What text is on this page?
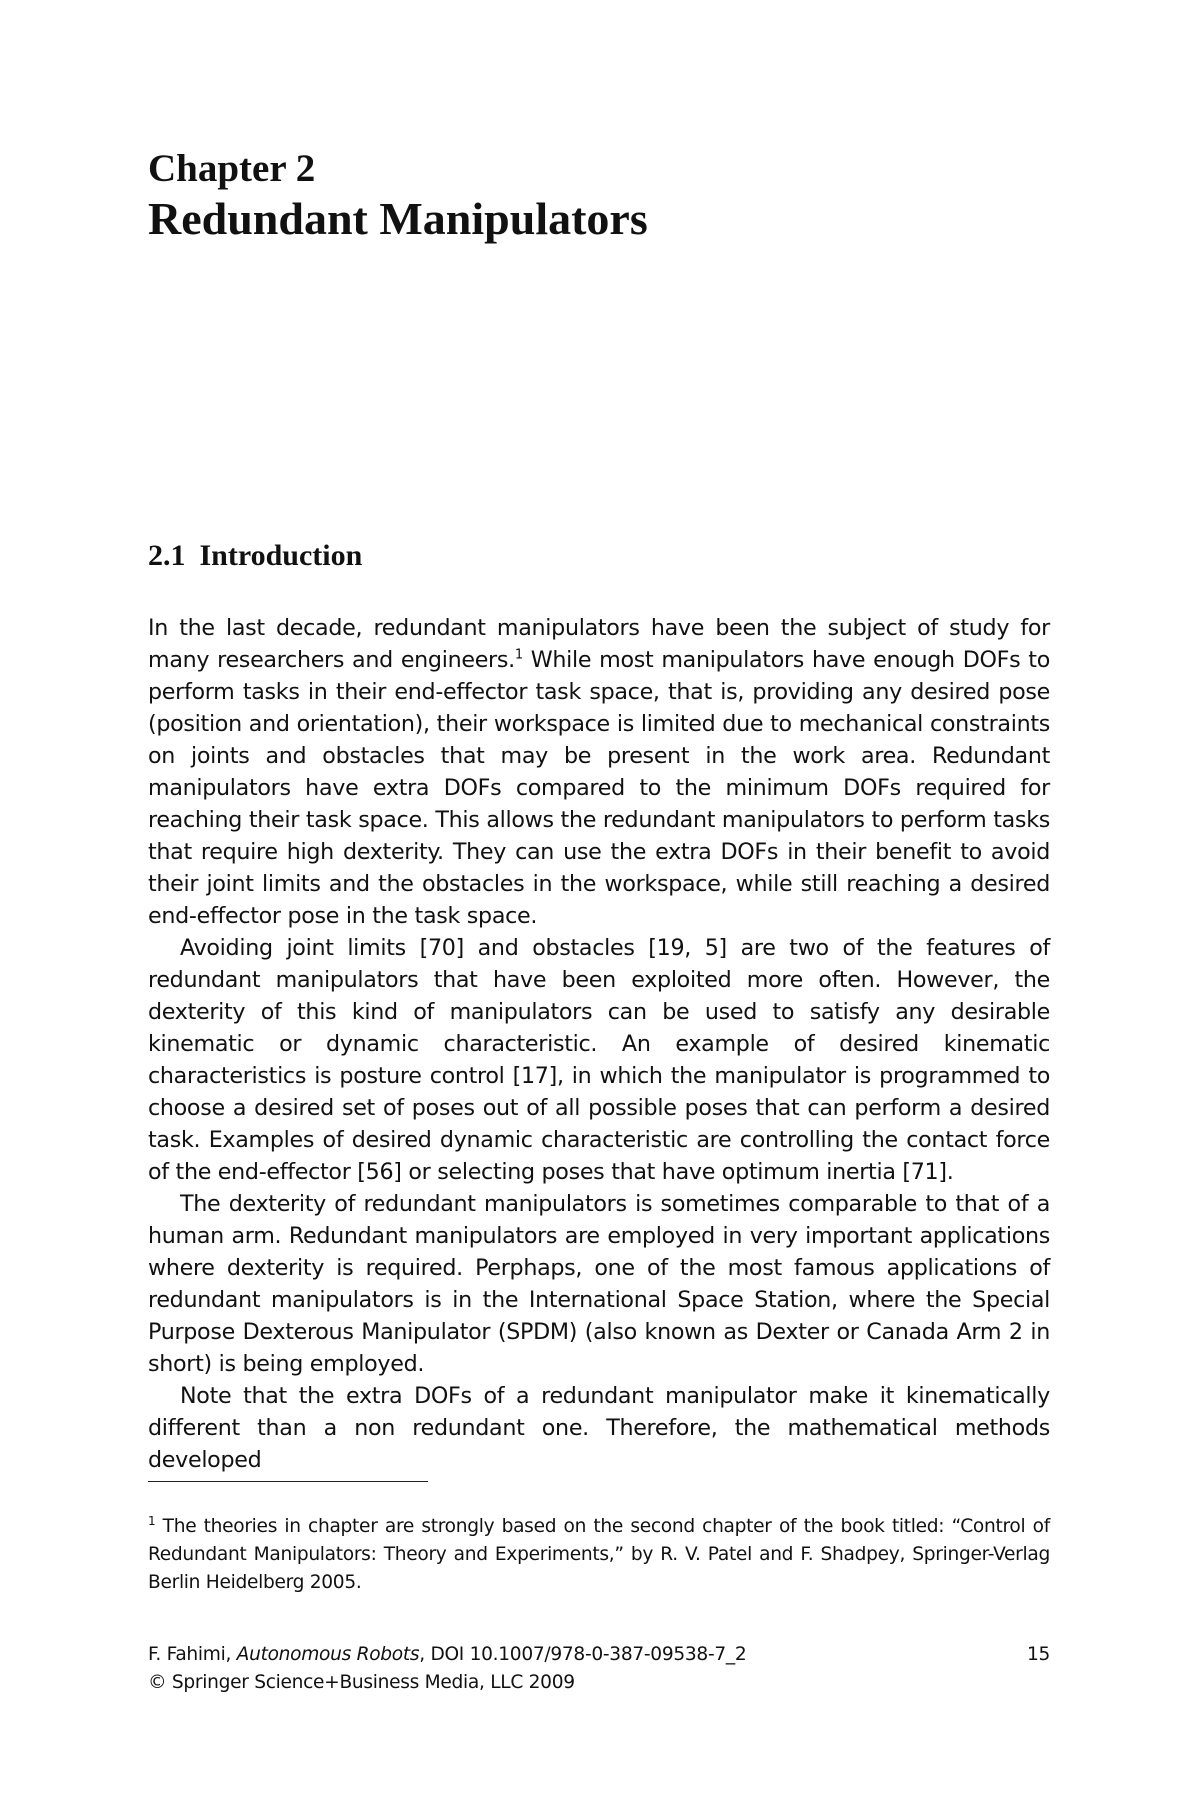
Chapter 2
Redundant Manipulators
2.1 Introduction

In the last decade, redundant manipulators have been the subject of study for many researchers and engineers.$^1$ While most manipulators have enough DOFs to perform tasks in their end-effector task space, that is, providing any desired pose (position and orientation), their workspace is limited due to mechanical constraints on joints and obstacles that may be present in the work area. Redundant manipulators have extra DOFs compared to the minimum DOFs required for reaching their task space. This allows the redundant manipulators to perform tasks that require high dexterity. They can use the extra DOFs in their benefit to avoid their joint limits and the obstacles in the workspace, while still reaching a desired end-effector pose in the task space.

Avoiding joint limits [70] and obstacles [19, 5] are two of the features of redundant manipulators that have been exploited more often. However, the dexterity of this kind of manipulators can be used to satisfy any desirable kinematic or dynamic characteristic. An example of desired kinematic characteristics is posture control [17], in which the manipulator is programmed to choose a desired set of poses out of all possible poses that can perform a desired task. Examples of desired dynamic characteristic are controlling the contact force of the end-effector [56] or selecting poses that have optimum inertia [71].

The dexterity of redundant manipulators is sometimes comparable to that of a human arm. Redundant manipulators are employed in very important applications where dexterity is required. Perphaps, one of the most famous applications of redundant manipulators is in the International Space Station, where the Special Purpose Dexterous Manipulator (SPDM) (also known as Dexter or Canada Arm 2 in short) is being employed.

Note that the extra DOFs of a redundant manipulator make it kinematically different than a non redundant one. Therefore, the mathematical methods developed

$^1$ The theories in chapter are strongly based on the second chapter of the book titled: “Control of Redundant Manipulators: Theory and Experiments,” by R. V. Patel and F. Shadpey, Springer-Verlag Berlin Heidelberg 2005.
F. Fahimi, Autonomous Robots, DOI 10.1007/978-0-387-09538-7_2
© Springer Science+Business Media, LLC 2009
15
